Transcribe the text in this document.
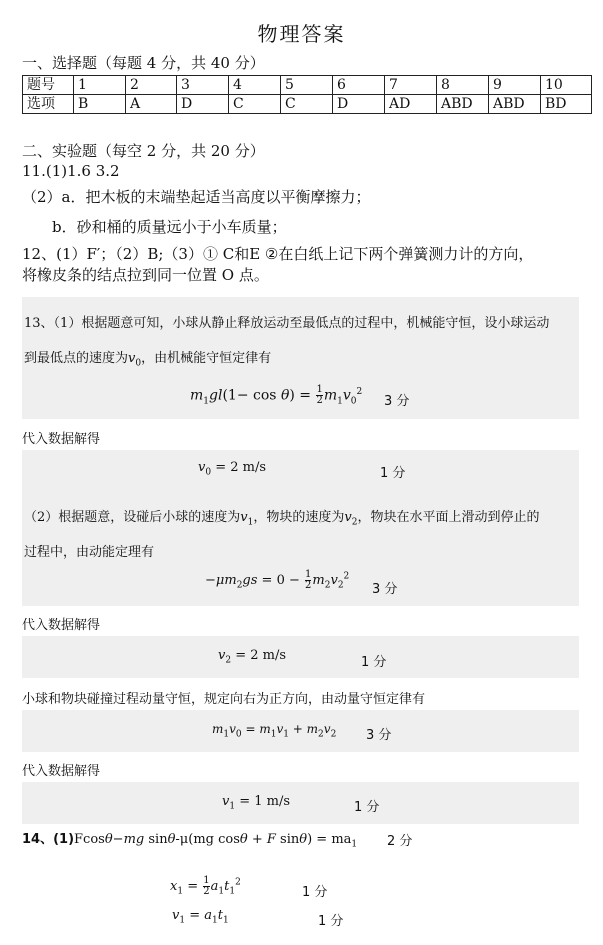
物理答案
一、选择题（每题 4 分，共 40 分）
题号	1	2	3	4	5	6	7	8	9	10
选项	B	A	D	C	C	D	AD	ABD	ABD	BD
二、实验题（每空 2 分，共 20 分）
11.(1)1.6 3.2
（2）a．把木板的末端垫起适当高度以平衡摩擦力；
b．砂和桶的质量远小于小车质量；
12、(1）F′；（2）B;（3）① C和E ②在白纸上记下两个弹簧测力计的方向，
将橡皮条的结点拉到同一位置 O 点。
13、（1）根据题意可知，小球从静止释放运动至最低点的过程中，机械能守恒，设小球运动
到最低点的速度为$v_0$，由机械能守恒定律有
$m_1gl(1- \cos \theta) = \frac{1}{2} m_1v_0^2$
3 分
代入数据解得
$v_0 = 2$ m/s	1 分
（2）根据题意，设碰后小球的速度为$v_1$，物块的速度为$v_2$，物块在水平面上滑动到停止的
过程中，由动能定理有
$-\mu m_2gs = 0 - \frac{1}{2} m_2v_2^2$
3 分
代入数据解得
$v_2 = 2$ m/s	1 分
小球和物块碰撞过程动量守恒，规定向右为正方向，由动量守恒定律有
$m_1v_0 = m_1v_1 + m_2v_2$ 3 分
代入数据解得
$v_1 = 1$ m/s	1 分
14、(1)Fcosθ−mg sinθ-μ(mg cosθ + F $\sin\theta) = ma_1$ 2 分
$x_1 = \frac{1}{2} a_1t_1^2$
1 分
$v_1 = a_1t_1$	1 分
